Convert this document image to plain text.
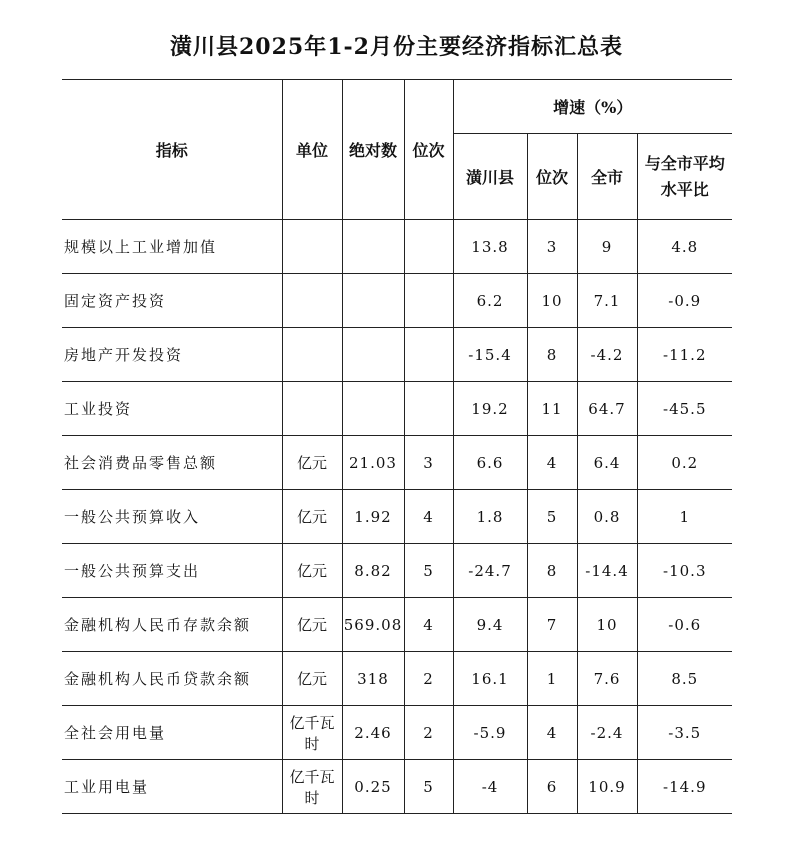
潢川县2025年1-2月份主要经济指标汇总表
指标	单位	绝对数	位次	增速（%）			
				潢川县	位次	全市	与全市平均水平比
规模以上工业增加值				13.8	3	9	4.8
固定资产投资				6.2	10	7.1	-0.9
房地产开发投资				-15.4	8	-4.2	-11.2
工业投资				19.2	11	64.7	-45.5
社会消费品零售总额	亿元	21.03	3	6.6	4	6.4	0.2
一般公共预算收入	亿元	1.92	4	1.8	5	0.8	1
一般公共预算支出	亿元	8.82	5	-24.7	8	-14.4	-10.3
金融机构人民币存款余额	亿元	569.08	4	9.4	7	10	-0.6
金融机构人民币贷款余额	亿元	318	2	16.1	1	7.6	8.5
全社会用电量	亿千瓦时	2.46	2	-5.9	4	-2.4	-3.5
工业用电量	亿千瓦时	0.25	5	-4	6	10.9	-14.9
